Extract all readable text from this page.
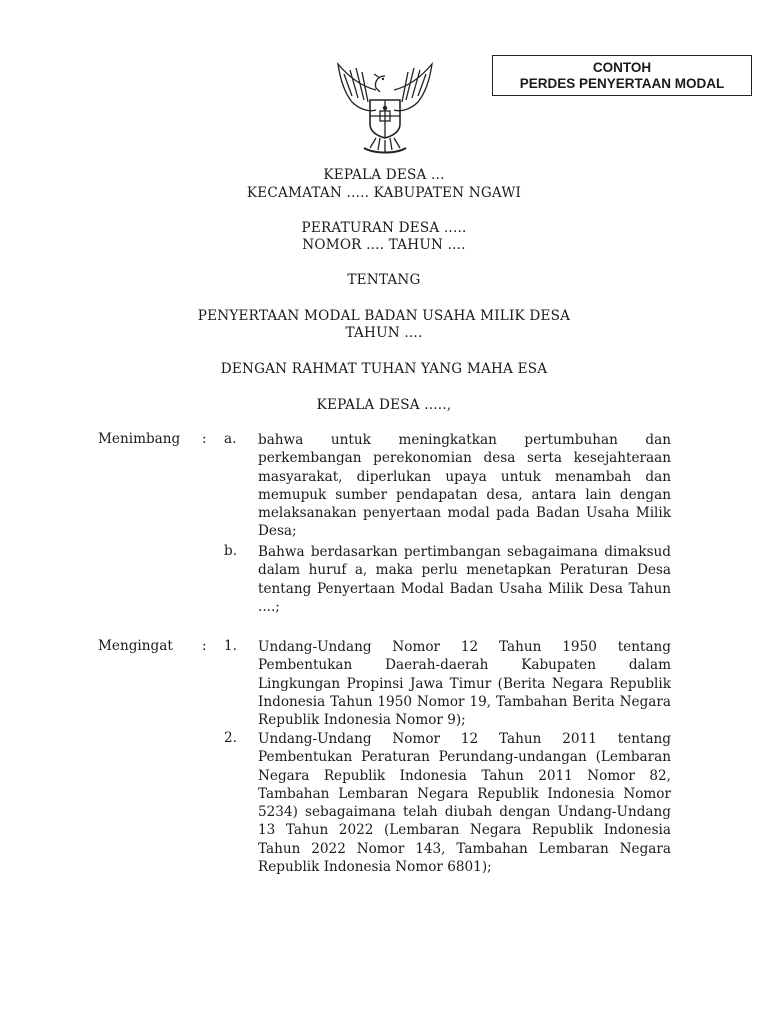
CONTOH
PERDES PENYERTAAN MODAL
KEPALA DESA ...
KECAMATAN ..... KABUPATEN NGAWI
PERATURAN DESA .....
NOMOR .... TAHUN ....
TENTANG
PENYERTAAN MODAL BADAN USAHA MILIK DESA
TAHUN ....
DENGAN RAHMAT TUHAN YANG MAHA ESA
KEPALA DESA .....,
Menimbang : a. bahwa untuk meningkatkan pertumbuhan dan perkembangan perekonomian desa serta kesejahteraan masyarakat, diperlukan upaya untuk menambah dan memupuk sumber pendapatan desa, antara lain dengan melaksanakan penyertaan modal pada Badan Usaha Milik Desa;
b. Bahwa berdasarkan pertimbangan sebagaimana dimaksud dalam huruf a, maka perlu menetapkan Peraturan Desa tentang Penyertaan Modal Badan Usaha Milik Desa Tahun ....;
Mengingat : 1. Undang-Undang Nomor 12 Tahun 1950 tentang Pembentukan Daerah-daerah Kabupaten dalam Lingkungan Propinsi Jawa Timur (Berita Negara Republik Indonesia Tahun 1950 Nomor 19, Tambahan Berita Negara Republik Indonesia Nomor 9);
2. Undang-Undang Nomor 12 Tahun 2011 tentang Pembentukan Peraturan Perundang-undangan (Lembaran Negara Republik Indonesia Tahun 2011 Nomor 82, Tambahan Lembaran Negara Republik Indonesia Nomor 5234) sebagaimana telah diubah dengan Undang-Undang 13 Tahun 2022 (Lembaran Negara Republik Indonesia Tahun 2022 Nomor 143, Tambahan Lembaran Negara Republik Indonesia Nomor 6801);
